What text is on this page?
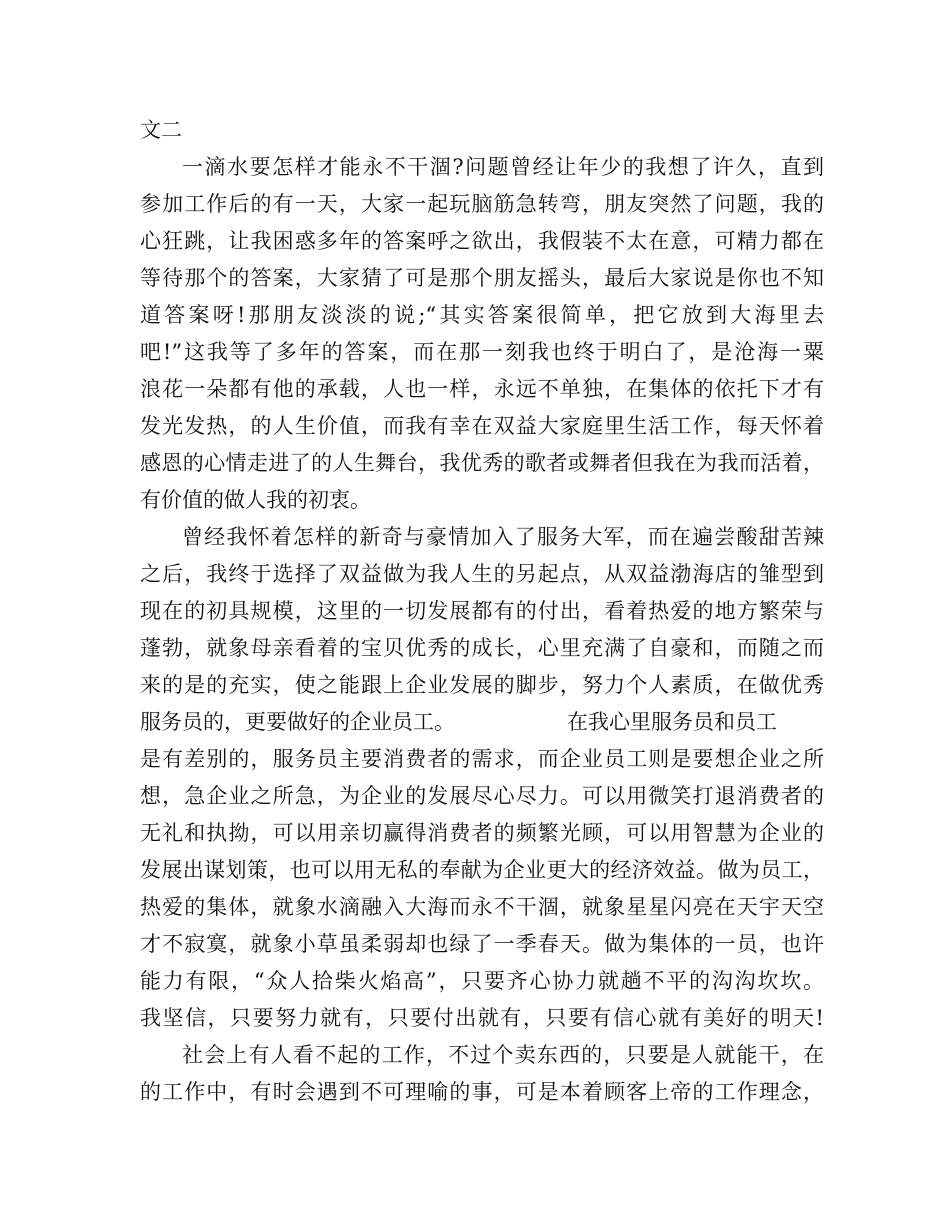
文二
一滴水要怎样才能永不干涸?问题曾经让年少的我想了许久，直到
参加工作后的有一天，大家一起玩脑筋急转弯，朋友突然了问题，我的
心狂跳，让我困惑多年的答案呼之欲出，我假装不太在意，可精力都在
等待那个的答案，大家猜了可是那个朋友摇头，最后大家说是你也不知
道答案呀!那朋友淡淡的说;“其实答案很简单，把它放到大海里去
吧!”这我等了多年的答案，而在那一刻我也终于明白了，是沧海一粟
浪花一朵都有他的承载，人也一样，永远不单独，在集体的依托下才有
发光发热，的人生价值，而我有幸在双益大家庭里生活工作，每天怀着
感恩的心情走进了的人生舞台，我优秀的歌者或舞者但我在为我而活着，
有价值的做人我的初衷。
曾经我怀着怎样的新奇与豪情加入了服务大军，而在遍尝酸甜苦辣
之后，我终于选择了双益做为我人生的另起点，从双益渤海店的雏型到
现在的初具规模，这里的一切发展都有的付出，看着热爱的地方繁荣与
蓬勃，就象母亲看着的宝贝优秀的成长，心里充满了自豪和，而随之而
来的是的充实，使之能跟上企业发展的脚步，努力个人素质，在做优秀
服务员的，更要做好的企业员工。	在我心里服务员和员工
是有差别的，服务员主要消费者的需求，而企业员工则是要想企业之所
想，急企业之所急，为企业的发展尽心尽力。可以用微笑打退消费者的
无礼和执拗，可以用亲切赢得消费者的频繁光顾，可以用智慧为企业的
发展出谋划策，也可以用无私的奉献为企业更大的经济效益。做为员工，
热爱的集体，就象水滴融入大海而永不干涸，就象星星闪亮在天宇天空
才不寂寞，就象小草虽柔弱却也绿了一季春天。做为集体的一员，也许
能力有限，“众人拾柴火焰高”，只要齐心协力就趟不平的沟沟坎坎。
我坚信，只要努力就有，只要付出就有，只要有信心就有美好的明天!
社会上有人看不起的工作，不过个卖东西的，只要是人就能干，在
的工作中，有时会遇到不可理喻的事，可是本着顾客上帝的工作理念，
